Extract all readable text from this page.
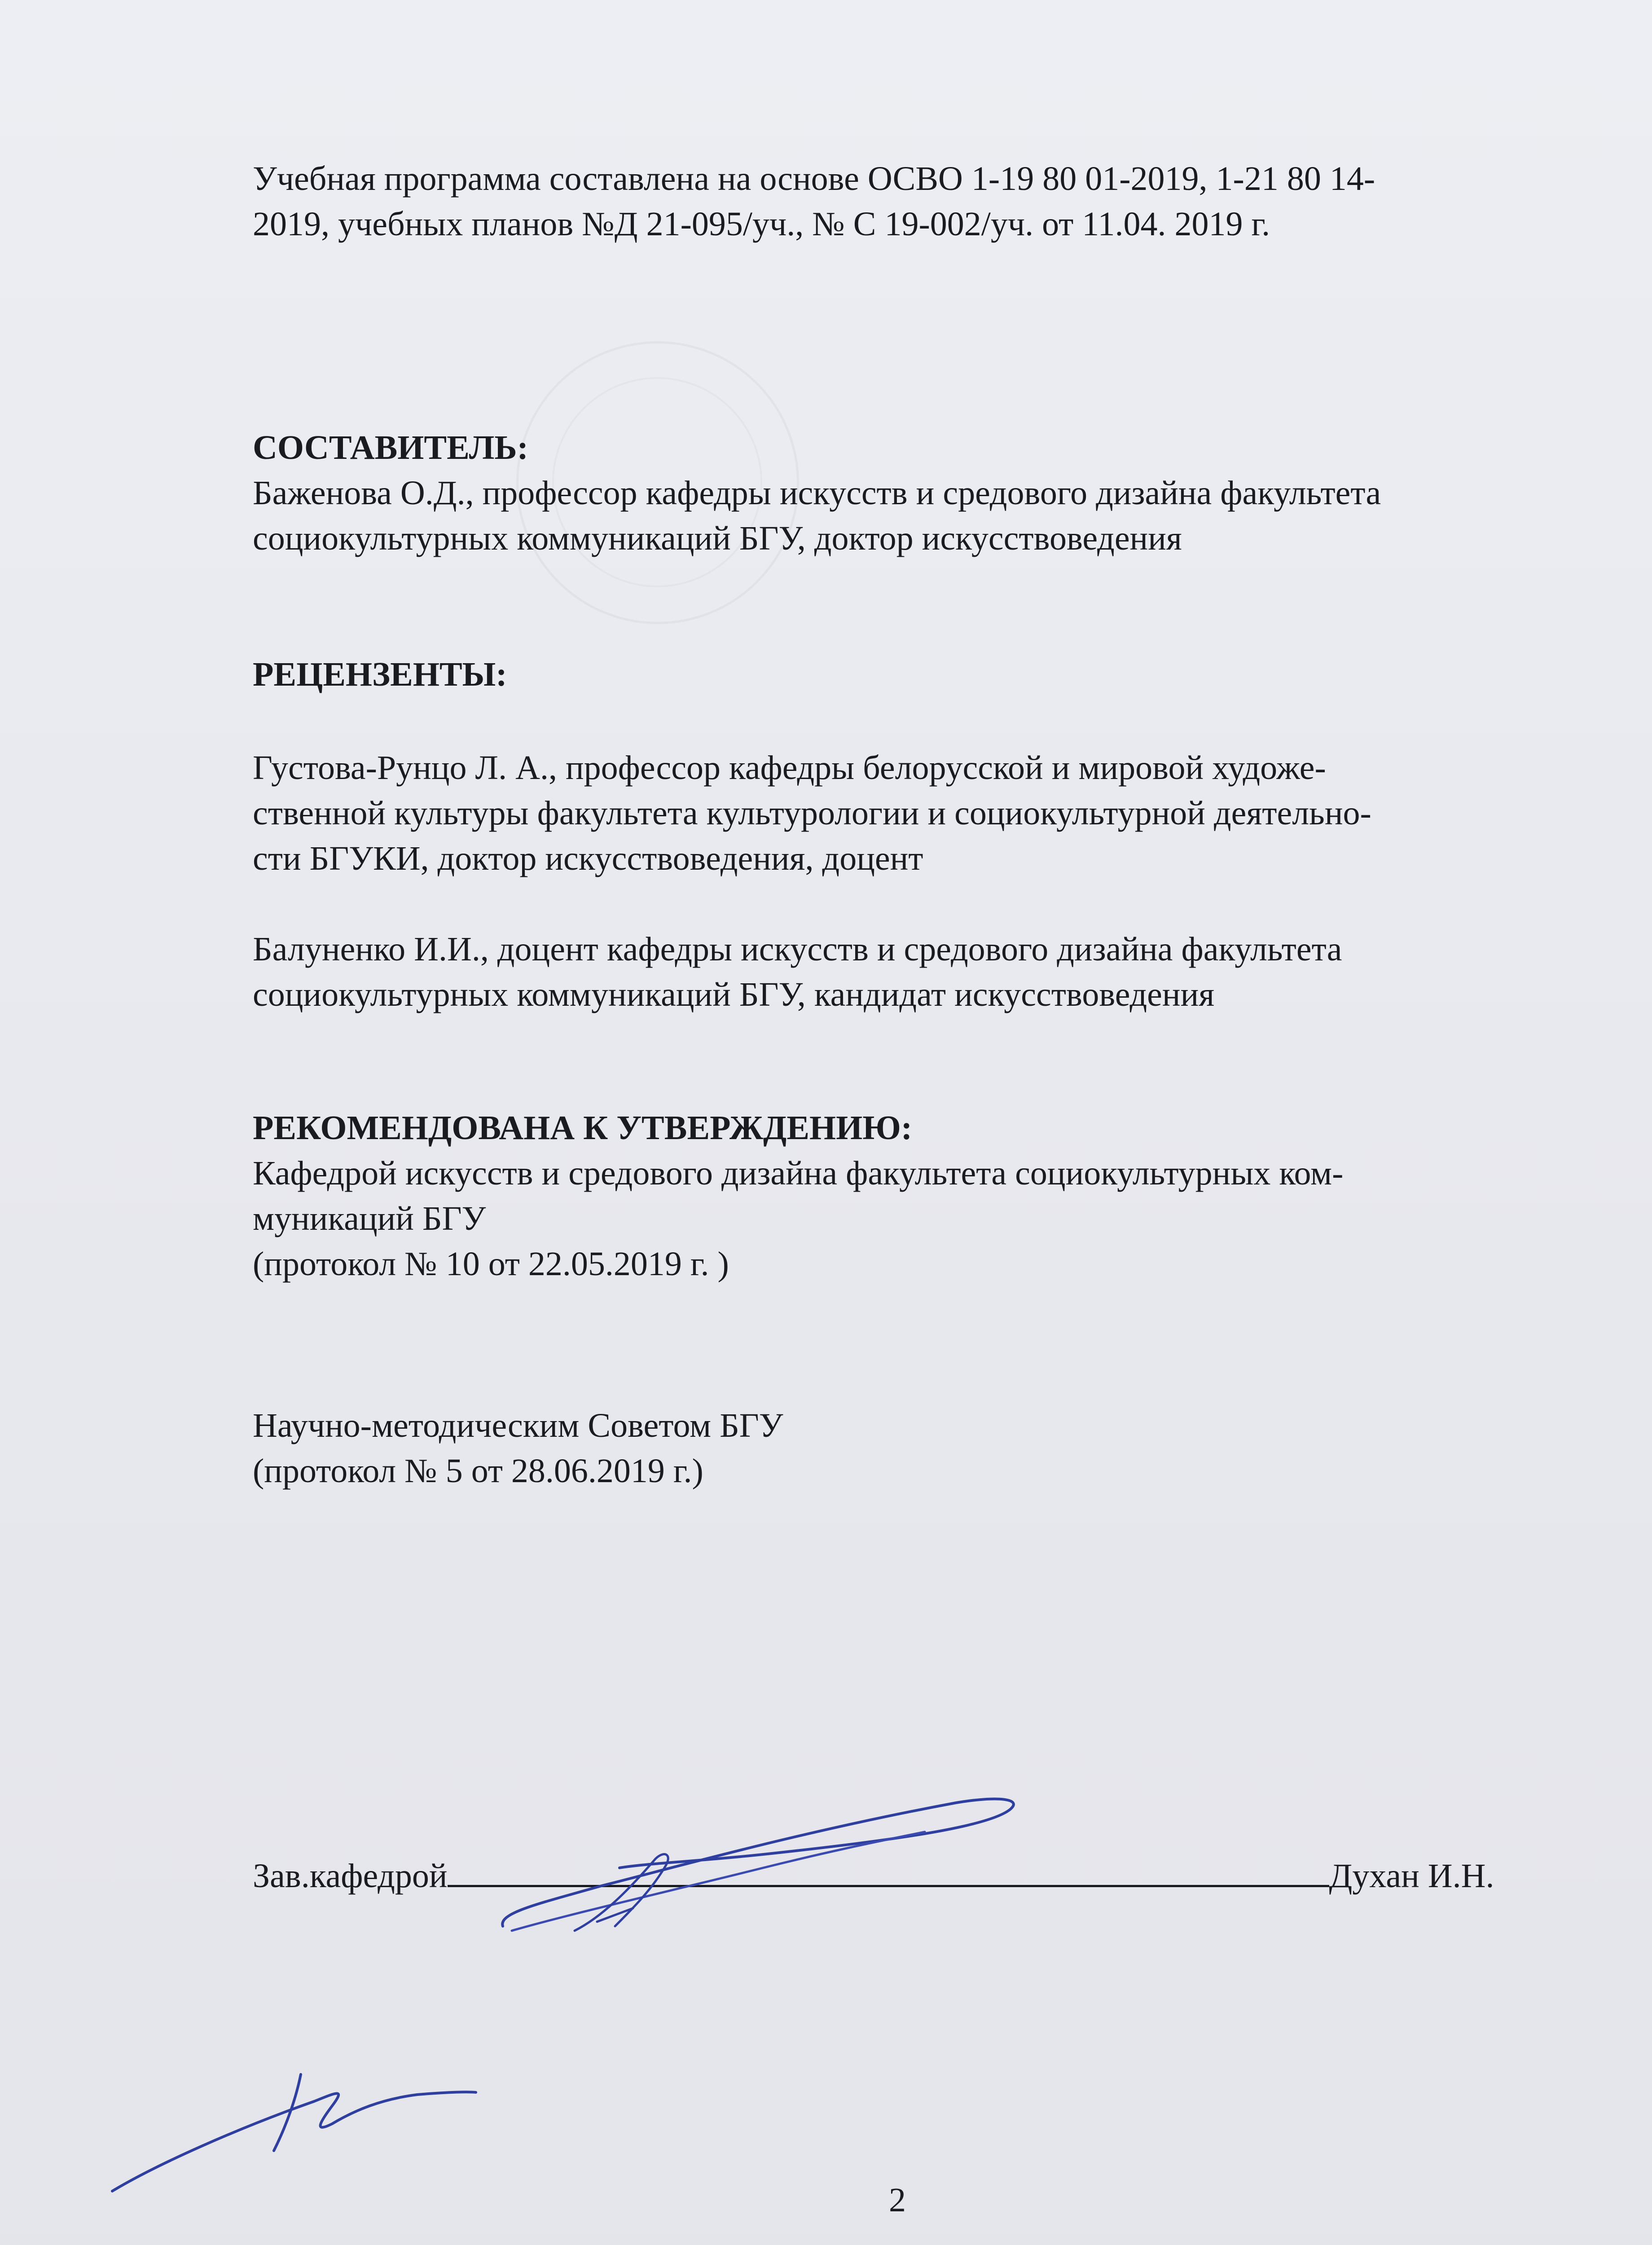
Учебная программа составлена на основе ОСВО 1-19 80 01-2019, 1-21 80 14-
2019, учебных планов №Д 21-095/уч., № С 19-002/уч. от 11.04. 2019 г.
СОСТАВИТЕЛЬ:
Баженова О.Д., профессор кафедры искусств и средового дизайна факультета
социокультурных коммуникаций БГУ, доктор искусствоведения
РЕЦЕНЗЕНТЫ:
Густова-Рунцо Л. А., профессор кафедры белорусской и мировой художе-
ственной культуры факультета культурологии и социокультурной деятельно-
сти БГУКИ, доктор искусствоведения, доцент
Балуненко И.И., доцент кафедры искусств и средового дизайна факультета
социокультурных коммуникаций БГУ, кандидат искусствоведения
РЕКОМЕНДОВАНА К УТВЕРЖДЕНИЮ:
Кафедрой искусств и средового дизайна факультета социокультурных ком-
муникаций БГУ
(протокол № 10 от 22.05.2019 г. )
Научно-методическим Советом БГУ
(протокол № 5 от 28.06.2019 г.)
Зав.кафедрой	Духан И.Н.
2
